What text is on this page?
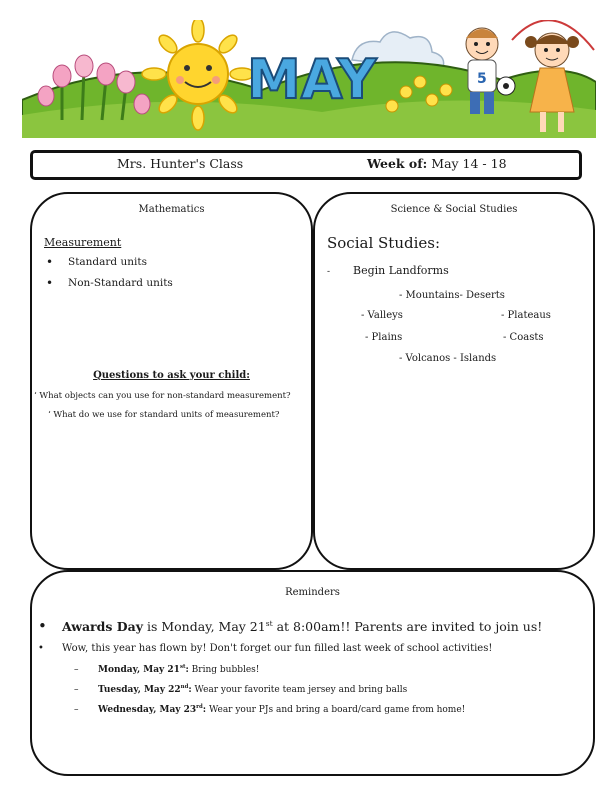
MAY	5
Mrs. Hunter's Class	Week of: May 14 - 18
Mathematics
Measurement
• Standard units
• Non-Standard units
Questions to ask your child:
‘ What objects can you use for non-standard measurement?
‘ What do we use for standard units of measurement?
Science & Social Studies
Social Studies:
- Begin Landforms
- Mountains- Deserts
- Valleys	- Plateaus
- Plains	- Coasts
- Volcanos - Islands
Reminders
• Awards Day is Monday, May 21st at 8:00am!! Parents are invited to join us!
• Wow, this year has flown by! Don't forget our fun filled last week of school activities!
– Monday, May 21st: Bring bubbles!
– Tuesday, May 22nd: Wear your favorite team jersey and bring balls
– Wednesday, May 23rd: Wear your PJs and bring a board/card game from home!
